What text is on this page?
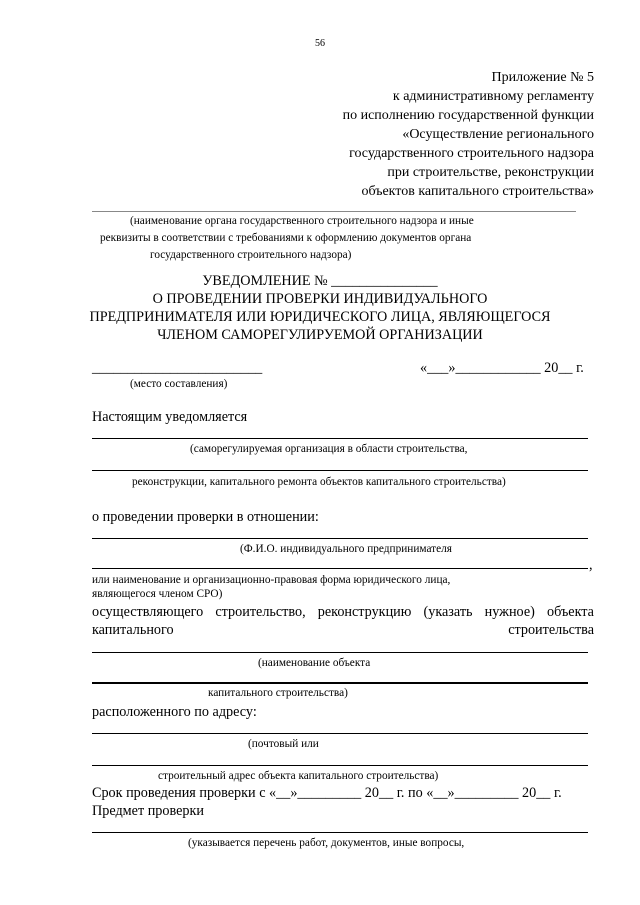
56
Приложение № 5
к административному регламенту
по исполнению государственной функции
«Осуществление регионального
государственного строительного надзора
при строительстве, реконструкции
объектов капитального строительства»
(наименование органа государственного строительного надзора и иные
реквизиты в соответствии с требованиями к оформлению документов органа
государственного строительного надзора)
УВЕДОМЛЕНИЕ № _______________
О ПРОВЕДЕНИИ ПРОВЕРКИ ИНДИВИДУАЛЬНОГО
ПРЕДПРИНИМАТЕЛЯ ИЛИ ЮРИДИЧЕСКОГО ЛИЦА, ЯВЛЯЮЩЕГОСЯ
ЧЛЕНОМ САМОРЕГУЛИРУЕМОЙ ОРГАНИЗАЦИИ
________________________	«___»____________ 20__ г.
(место составления)
Настоящим уведомляется
(саморегулируемая организация в области строительства,
реконструкции, капитального ремонта объектов капитального строительства)
о проведении проверки в отношении:
(Ф.И.О. индивидуального предпринимателя
,
или наименование и организационно-правовая форма юридического лица,
являющегося членом СРО)
осуществляющего строительство, реконструкцию (указать нужное) объекта
капитального	строительства
(наименование объекта
капитального строительства)
расположенного по адресу:
(почтовый или
строительный адрес объекта капитального строительства)
Срок проведения проверки с «__»_________ 20__ г. по «__»_________ 20__ г.
Предмет проверки
(указывается перечень работ, документов, иные вопросы,
